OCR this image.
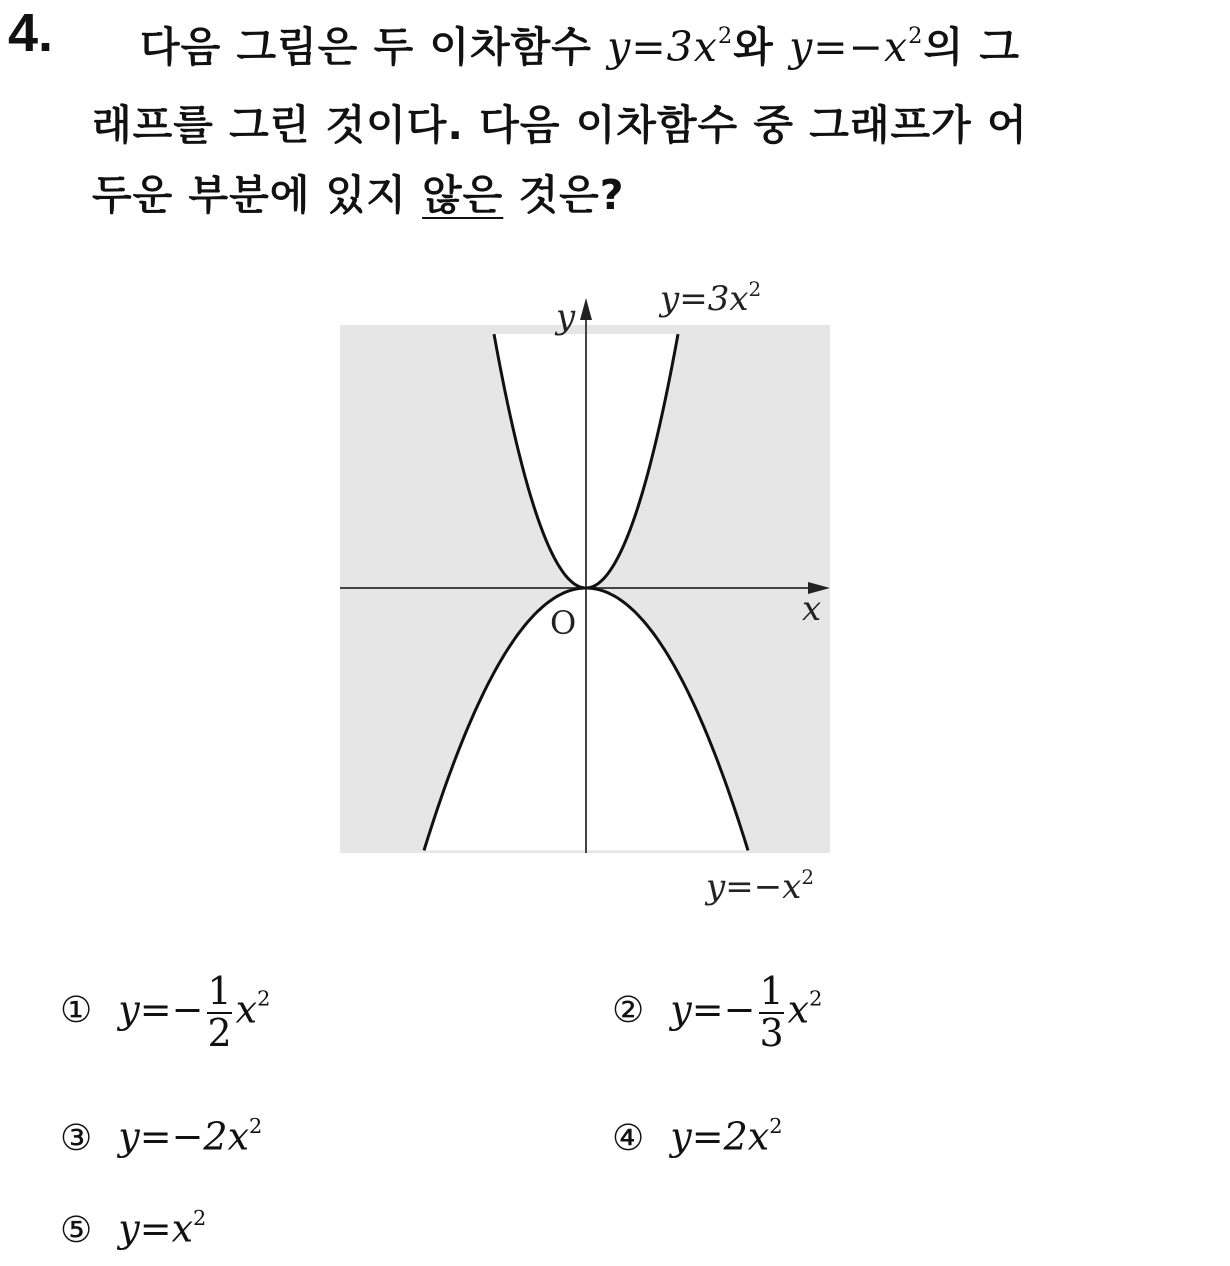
4. 다음 그림은 두 이차함수 $y=3x^2$와 $y=-x^2$의 그
래프를 그린 것이다. 다음 이차함수 중 그래프가 어
두운 부분에 있지 않은 것은?
y
x
O
$y=3x^2$
$y=-x^2$
① $y=- \frac{1}{2} x^2$	② $y=- \frac{1}{3} x^2$
③ $y=-2x^2$	④ $y=2x^2$
⑤ $y=x^2$
